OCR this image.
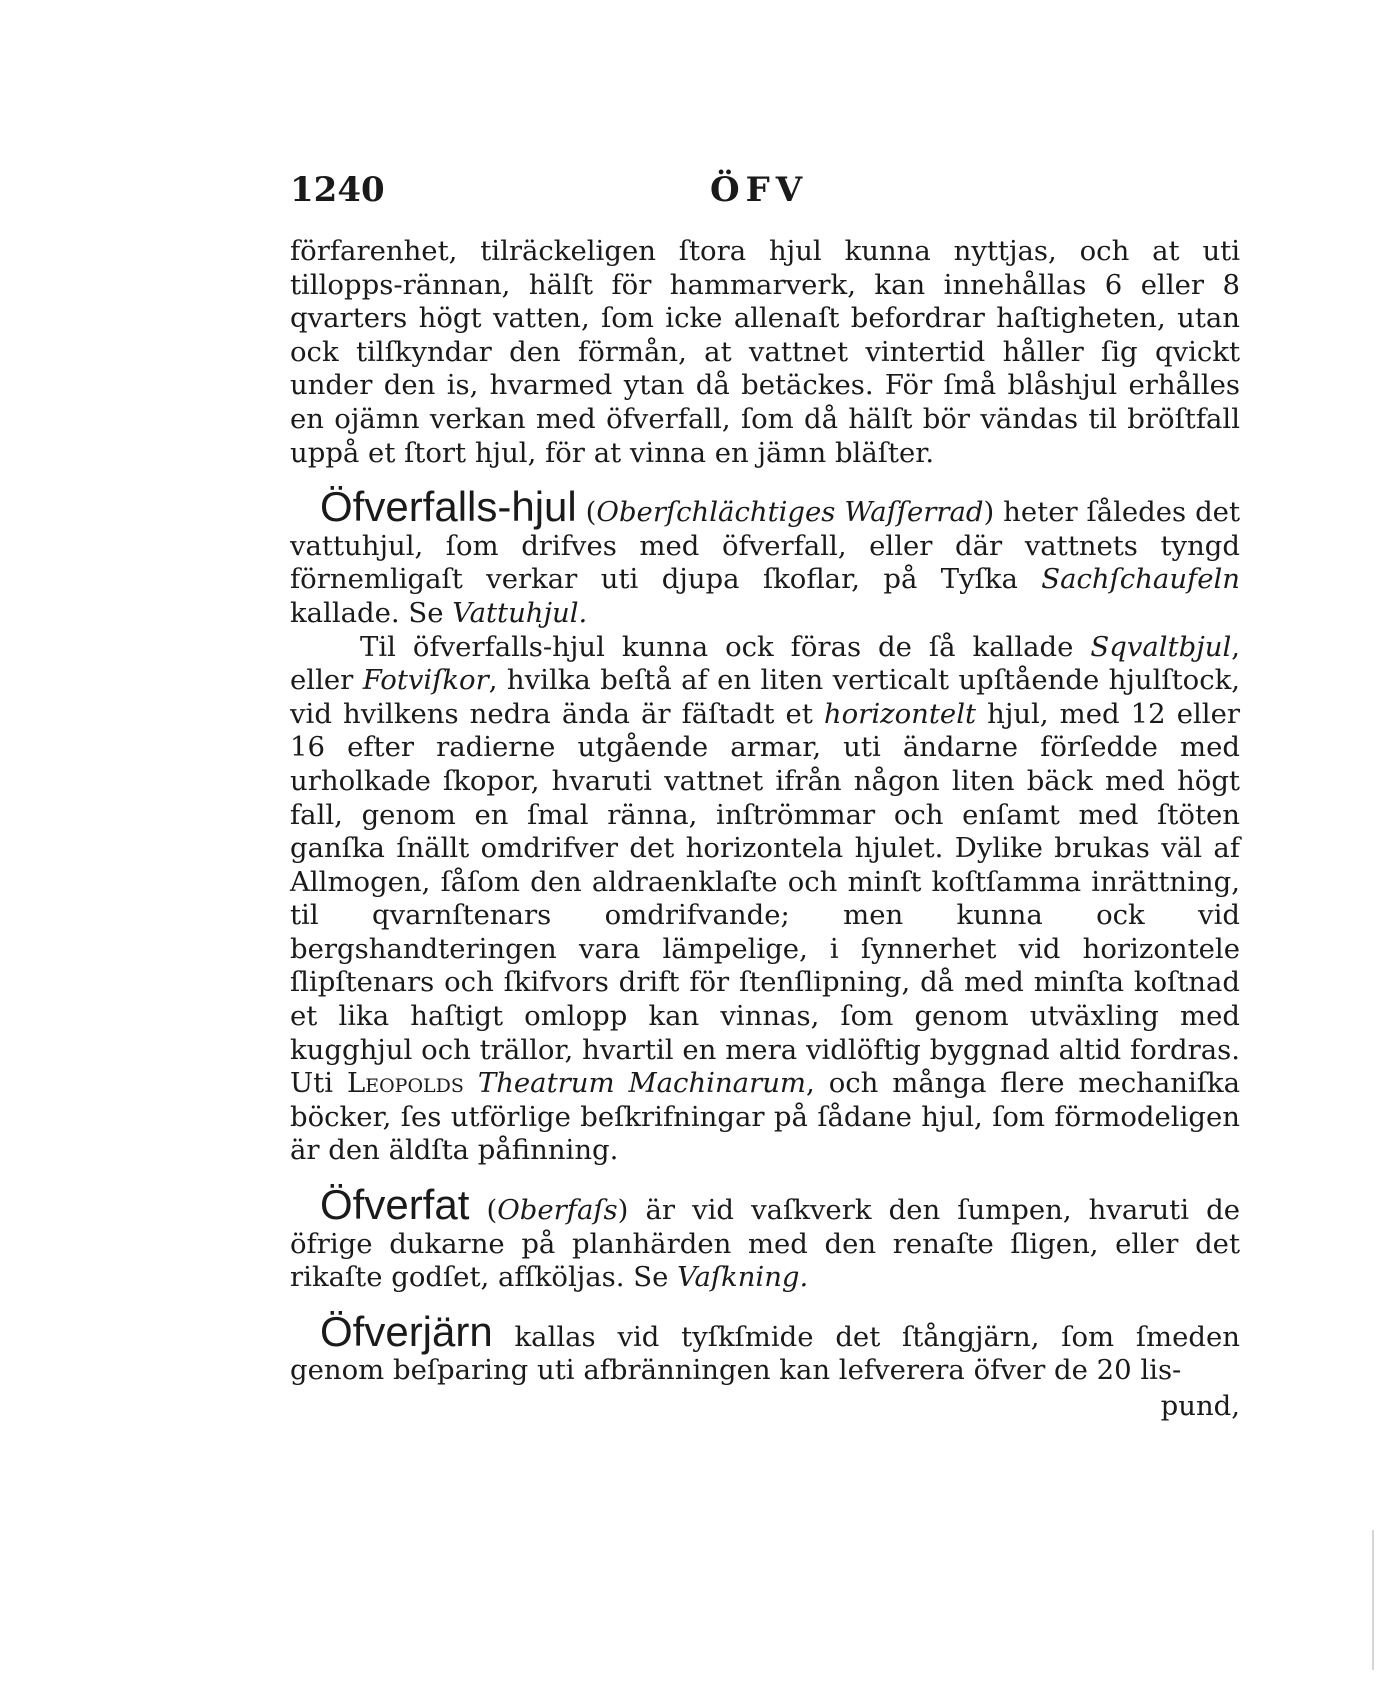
1240	ÖFV

förfarenhet, tilräckeligen ſtora hjul kunna nyttjas, och at uti tillopps-rännan, hälſt för hammarverk, kan innehållas 6 eller 8 qvarters högt vatten, ſom icke allenaſt befordrar haſtigheten, utan ock tilſkyndar den förmån, at vattnet vintertid håller ſig qvickt under den is, hvarmed ytan då betäckes. För ſmå blåshjul erhålles en ojämn verkan med öfverfall, ſom då hälſt bör vändas til bröſtfall uppå et ſtort hjul, för at vinna en jämn bläſter.

Öfverfalls-hjul (Oberſchlächtiges Waſſerrad) heter ſåledes det vattuhjul, ſom drifves med öfverfall, eller där vattnets tyngd förnemligaſt verkar uti djupa ſkoflar, på Tyſka Sachſchaufeln kallade. Se Vattuhjul.

Til öfverfalls-hjul kunna ock föras de ſå kallade Sqvaltbjul, eller Fotviſkor, hvilka beſtå af en liten verticalt upſtående hjulſtock, vid hvilkens nedra ända är fäſtadt et horizontelt hjul, med 12 eller 16 efter radierne utgående armar, uti ändarne förſedde med urholkade ſkopor, hvaruti vattnet ifrån någon liten bäck med högt fall, genom en ſmal ränna, inſtrömmar och enſamt med ſtöten ganſka ſnällt omdrifver det horizontela hjulet. Dylike brukas väl af Allmogen, ſåſom den aldraenklaſte och minſt koſtſamma inrättning, til qvarnſtenars omdrifvande; men kunna ock vid bergshandteringen vara lämpelige, i ſynnerhet vid horizontele ſlipſtenars och ſkifvors drift för ſtenſlipning, då med minſta koſtnad et lika haſtigt omlopp kan vinnas, ſom genom utväxling med kugghjul och trällor, hvartil en mera vidlöftig byggnad altid fordras. Uti Leopolds Theatrum Machinarum, och många flere mechaniſka böcker, ſes utförlige beſkrifningar på ſådane hjul, ſom förmodeligen är den äldſta påfinning.

Öfverfat (Oberfaſs) är vid vaſkverk den ſumpen, hvaruti de öfrige dukarne på planhärden med den renaſte ſligen, eller det rikaſte godſet, afſköljas. Se Vaſkning.

Öfverjärn kallas vid tyſkſmide det ſtångjärn, ſom ſmeden genom beſparing uti afbränningen kan lefverera öfver de 20 lis-

pund,
